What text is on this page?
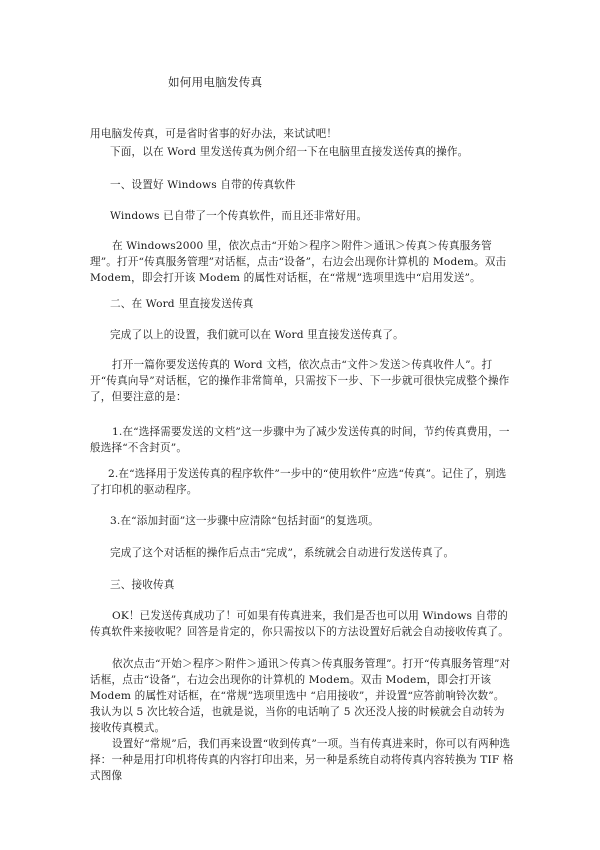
如何用电脑发传真

用电脑发传真，可是省时省事的好办法，来试试吧！

下面，以在 Word 里发送传真为例介绍一下在电脑里直接发送传真的操作。

一、设置好 Windows 自带的传真软件

Windows 已自带了一个传真软件，而且还非常好用。

在 Windows2000 里，依次点击“开始＞程序＞附件＞通讯＞传真＞传真服务管理”。打开“传真服务管理”对话框，点击“设备”，右边会出现你计算机的 Modem。双击 Modem，即会打开该 Modem 的属性对话框，在“常规”选项里选中“启用发送”。

二、在 Word 里直接发送传真

完成了以上的设置，我们就可以在 Word 里直接发送传真了。

打开一篇你要发送传真的 Word 文档，依次点击“文件＞发送＞传真收件人”。打开“传真向导”对话框，它的操作非常简单，只需按下一步、下一步就可很快完成整个操作了，但要注意的是：

1.在“选择需要发送的文档”这一步骤中为了减少发送传真的时间，节约传真费用，一般选择“不含封页”。

2.在“选择用于发送传真的程序软件”一步中的“使用软件”应选“传真”。记住了，别选了打印机的驱动程序。

3.在“添加封面”这一步骤中应清除“包括封面”的复选项。

完成了这个对话框的操作后点击“完成”，系统就会自动进行发送传真了。

三、接收传真

OK！已发送传真成功了！可如果有传真进来，我们是否也可以用 Windows 自带的传真软件来接收呢？回答是肯定的，你只需按以下的方法设置好后就会自动接收传真了。

依次点击“开始＞程序＞附件＞通讯＞传真＞传真服务管理”。打开“传真服务管理”对话框，点击“设备”，右边会出现你的计算机的 Modem。双击 Modem，即会打开该 Modem 的属性对话框，在“常规”选项里选中 “启用接收”，并设置“应答前响铃次数”。我认为以 5 次比较合适，也就是说，当你的电话响了 5 次还没人接的时候就会自动转为接收传真模式。

设置好“常规”后，我们再来设置“收到传真”一项。当有传真进来时，你可以有两种选择：一种是用打印机将传真的内容打印出来，另一种是系统自动将传真内容转换为 TIF 格式图像
